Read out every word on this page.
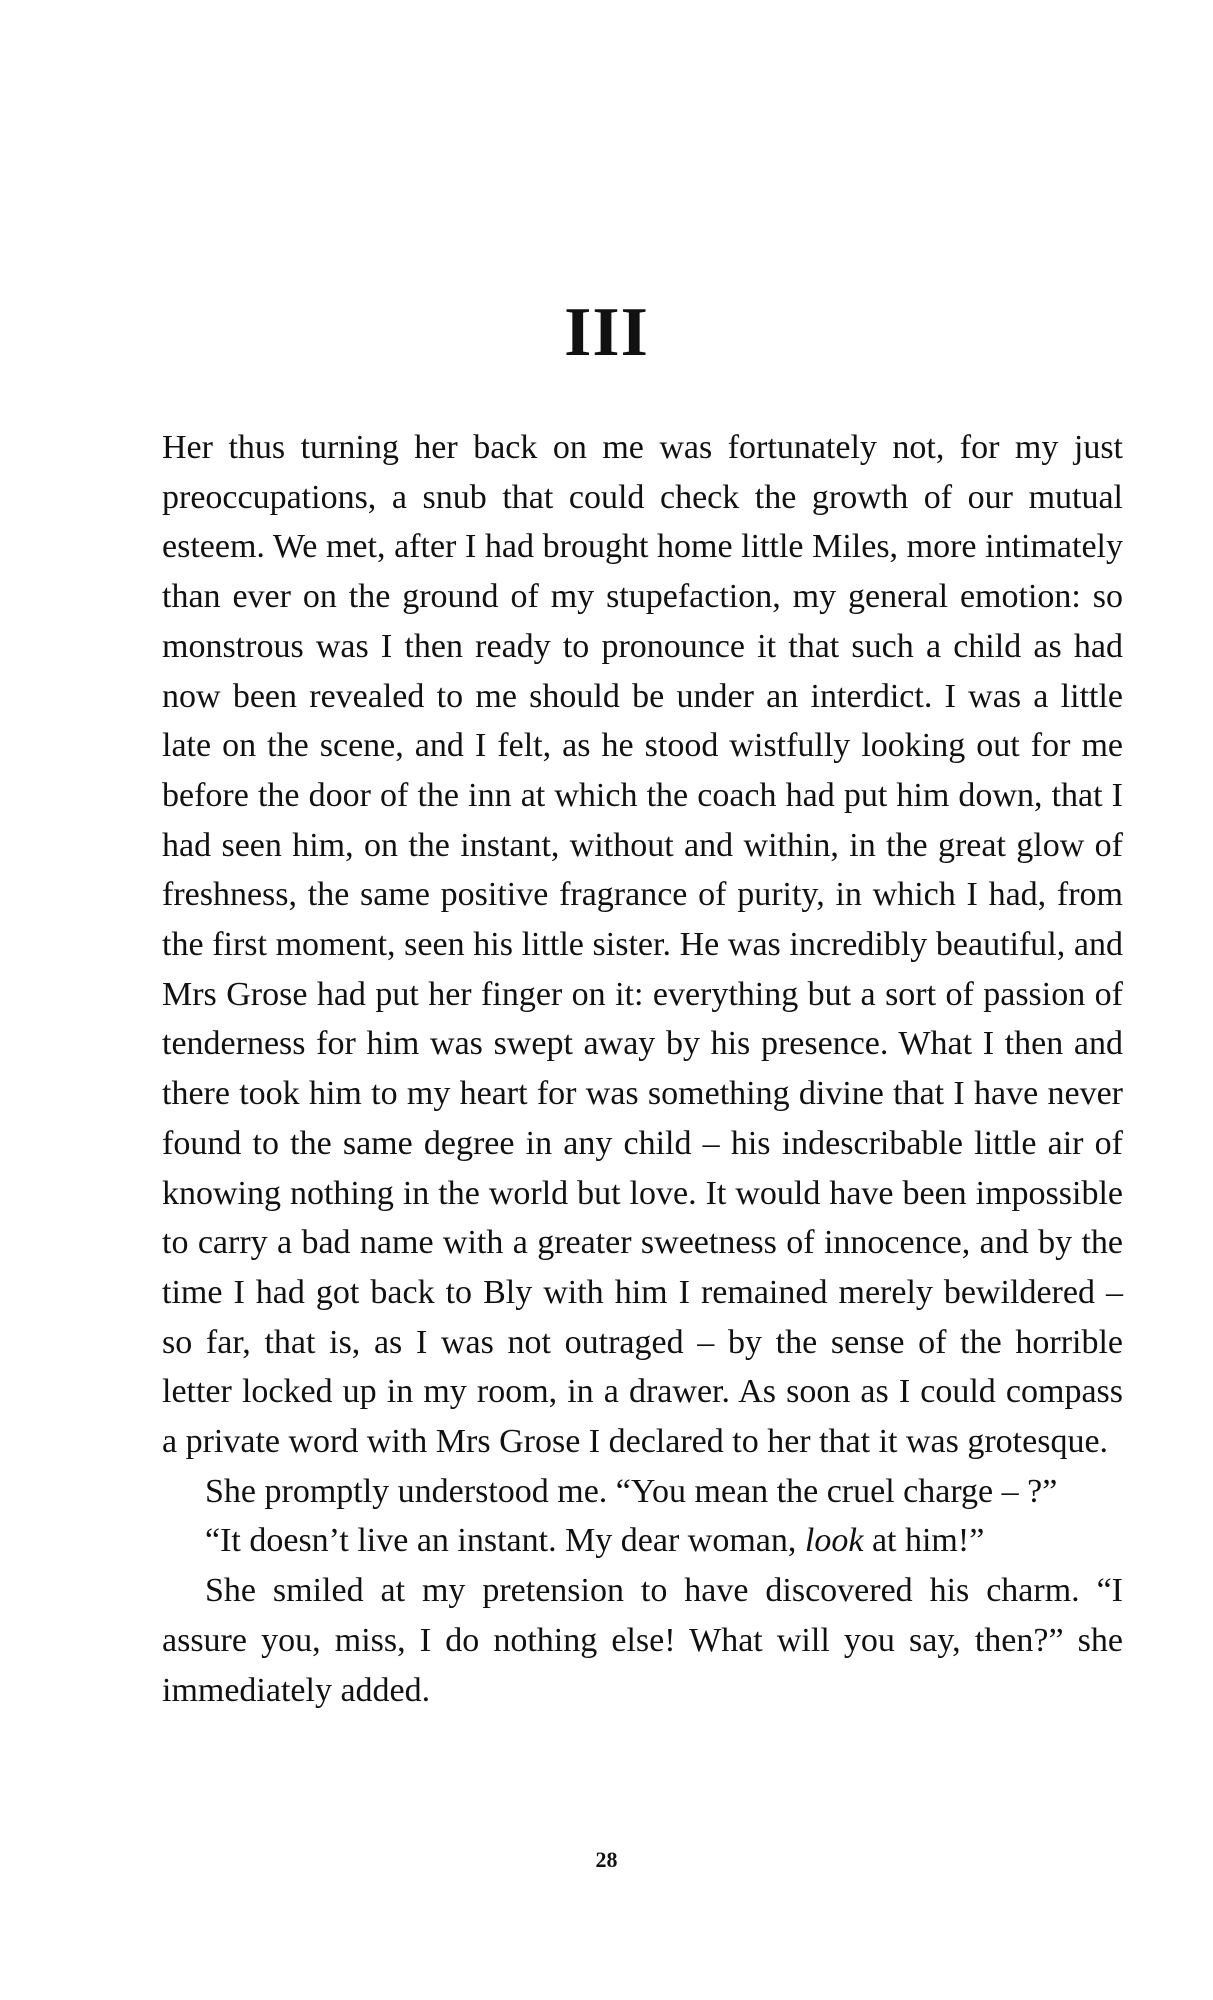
III

Her thus turning her back on me was fortunately not, for my just preoccupations, a snub that could check the growth of our mutual esteem. We met, after I had brought home little Miles, more intimately than ever on the ground of my stupefaction, my general emotion: so monstrous was I then ready to pronounce it that such a child as had now been revealed to me should be under an interdict. I was a little late on the scene, and I felt, as he stood wistfully looking out for me before the door of the inn at which the coach had put him down, that I had seen him, on the instant, without and within, in the great glow of freshness, the same positive fragrance of purity, in which I had, from the first moment, seen his little sister. He was incredibly beautiful, and Mrs Grose had put her finger on it: everything but a sort of passion of tenderness for him was swept away by his presence. What I then and there took him to my heart for was something divine that I have never found to the same degree in any child – his indescribable little air of knowing nothing in the world but love. It would have been impossible to carry a bad name with a greater sweetness of innocence, and by the time I had got back to Bly with him I remained merely bewildered – so far, that is, as I was not outraged – by the sense of the horrible letter locked up in my room, in a drawer. As soon as I could compass a private word with Mrs Grose I declared to her that it was grotesque.

She promptly understood me. “You mean the cruel charge – ?”

“It doesn’t live an instant. My dear woman, look at him!”

She smiled at my pretension to have discovered his charm. “I assure you, miss, I do nothing else! What will you say, then?” she immediately added.

28
